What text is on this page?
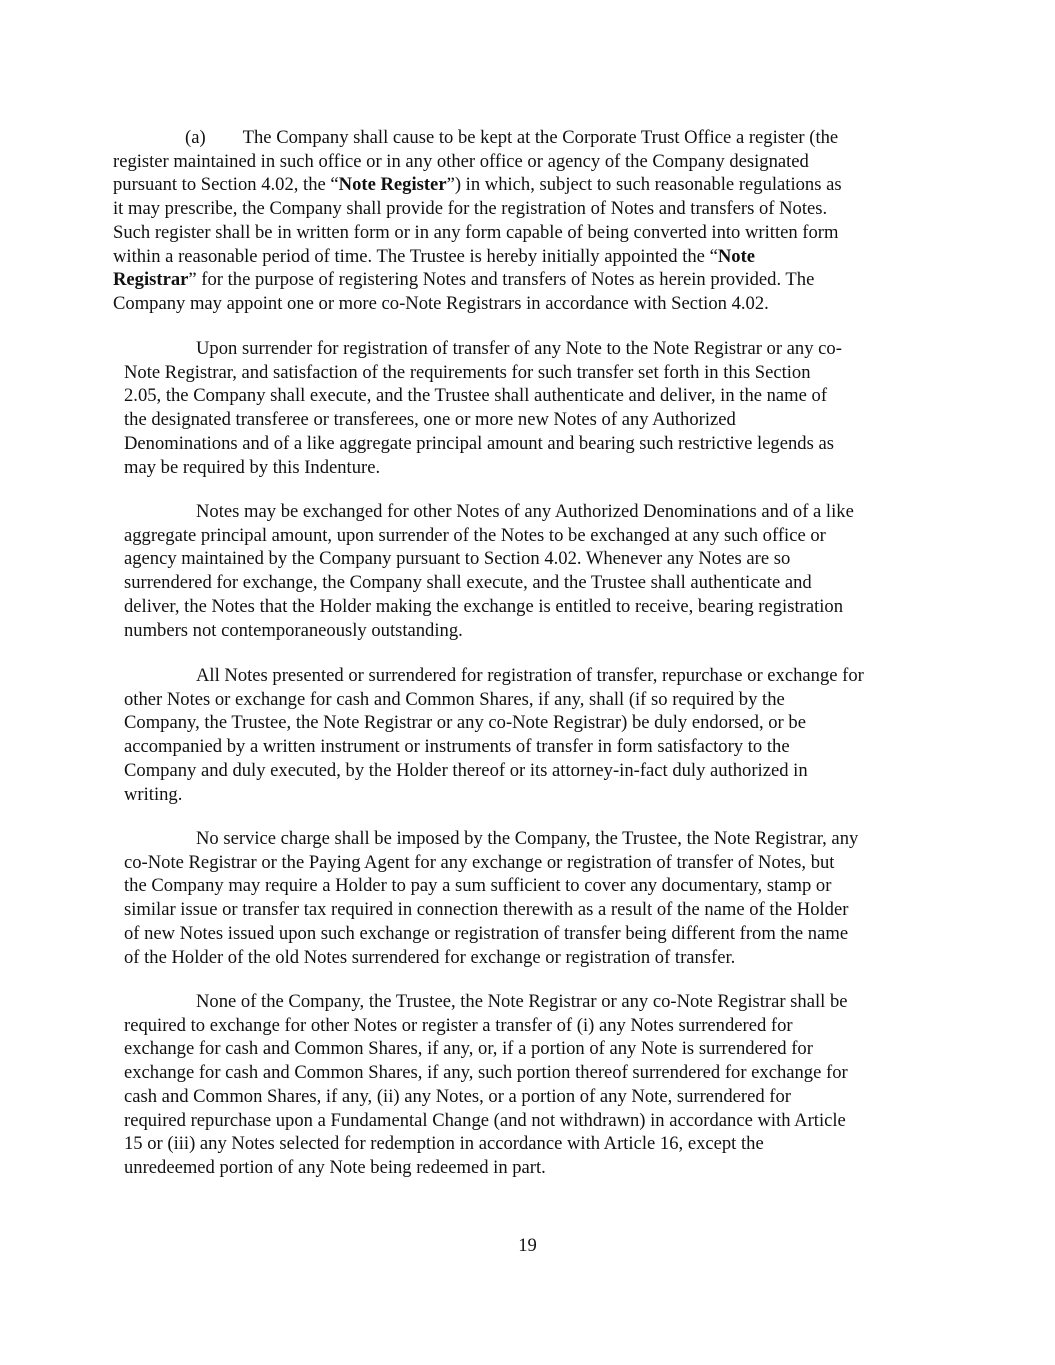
(a) The Company shall cause to be kept at the Corporate Trust Office a register (the
register maintained in such office or in any other office or agency of the Company designated
pursuant to Section 4.02, the “Note Register”) in which, subject to such reasonable regulations as
it may prescribe, the Company shall provide for the registration of Notes and transfers of Notes.
Such register shall be in written form or in any form capable of being converted into written form
within a reasonable period of time. The Trustee is hereby initially appointed the “Note
Registrar” for the purpose of registering Notes and transfers of Notes as herein provided. The
Company may appoint one or more co-Note Registrars in accordance with Section 4.02.
Upon surrender for registration of transfer of any Note to the Note Registrar or any co-
Note Registrar, and satisfaction of the requirements for such transfer set forth in this Section
2.05, the Company shall execute, and the Trustee shall authenticate and deliver, in the name of
the designated transferee or transferees, one or more new Notes of any Authorized
Denominations and of a like aggregate principal amount and bearing such restrictive legends as
may be required by this Indenture.
Notes may be exchanged for other Notes of any Authorized Denominations and of a like
aggregate principal amount, upon surrender of the Notes to be exchanged at any such office or
agency maintained by the Company pursuant to Section 4.02. Whenever any Notes are so
surrendered for exchange, the Company shall execute, and the Trustee shall authenticate and
deliver, the Notes that the Holder making the exchange is entitled to receive, bearing registration
numbers not contemporaneously outstanding.
All Notes presented or surrendered for registration of transfer, repurchase or exchange for
other Notes or exchange for cash and Common Shares, if any, shall (if so required by the
Company, the Trustee, the Note Registrar or any co-Note Registrar) be duly endorsed, or be
accompanied by a written instrument or instruments of transfer in form satisfactory to the
Company and duly executed, by the Holder thereof or its attorney-in-fact duly authorized in
writing.
No service charge shall be imposed by the Company, the Trustee, the Note Registrar, any
co-Note Registrar or the Paying Agent for any exchange or registration of transfer of Notes, but
the Company may require a Holder to pay a sum sufficient to cover any documentary, stamp or
similar issue or transfer tax required in connection therewith as a result of the name of the Holder
of new Notes issued upon such exchange or registration of transfer being different from the name
of the Holder of the old Notes surrendered for exchange or registration of transfer.
None of the Company, the Trustee, the Note Registrar or any co-Note Registrar shall be
required to exchange for other Notes or register a transfer of (i) any Notes surrendered for
exchange for cash and Common Shares, if any, or, if a portion of any Note is surrendered for
exchange for cash and Common Shares, if any, such portion thereof surrendered for exchange for
cash and Common Shares, if any, (ii) any Notes, or a portion of any Note, surrendered for
required repurchase upon a Fundamental Change (and not withdrawn) in accordance with Article
15 or (iii) any Notes selected for redemption in accordance with Article 16, except the
unredeemed portion of any Note being redeemed in part.
19
